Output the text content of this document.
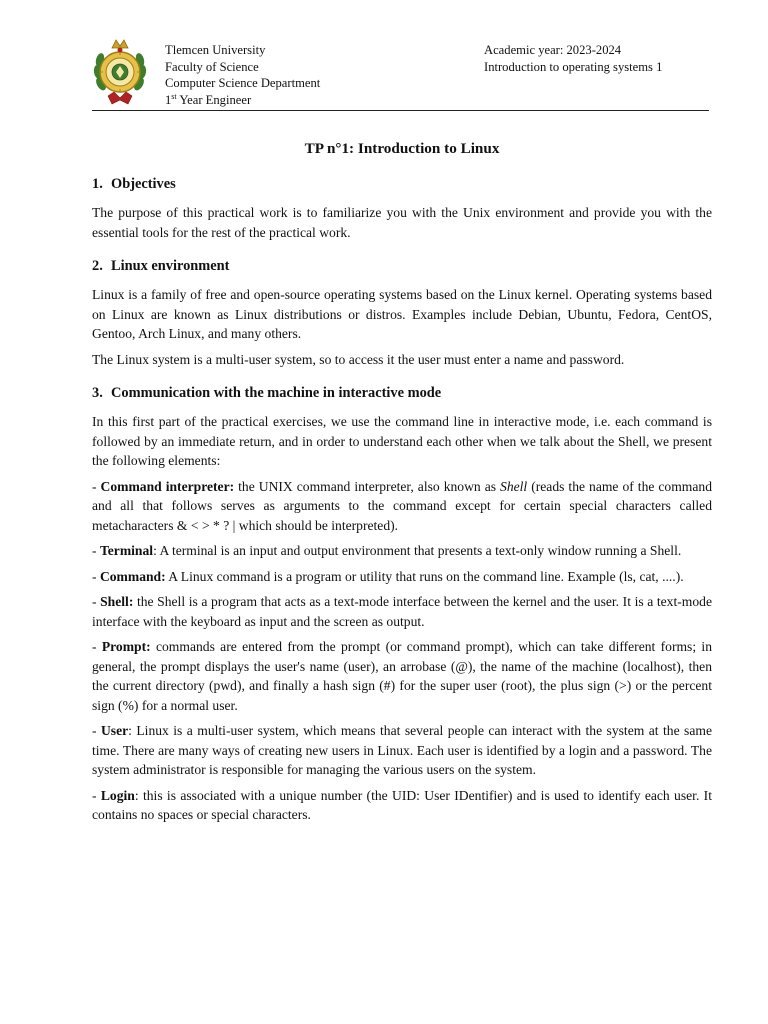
Tlemcen University
Faculty of Science
Computer Science Department
1st Year Engineer
Academic year: 2023-2024
Introduction to operating systems 1
TP n°1: Introduction to Linux
1. Objectives

The purpose of this practical work is to familiarize you with the Unix environment and provide you with the essential tools for the rest of the practical work.

2. Linux environment

Linux is a family of free and open-source operating systems based on the Linux kernel. Operating systems based on Linux are known as Linux distributions or distros. Examples include Debian, Ubuntu, Fedora, CentOS, Gentoo, Arch Linux, and many others.

The Linux system is a multi-user system, so to access it the user must enter a name and password.

3. Communication with the machine in interactive mode

In this first part of the practical exercises, we use the command line in interactive mode, i.e. each command is followed by an immediate return, and in order to understand each other when we talk about the Shell, we present the following elements:

- Command interpreter: the UNIX command interpreter, also known as Shell (reads the name of the command and all that follows serves as arguments to the command except for certain special characters called metacharacters & < > * ? | which should be interpreted).

- Terminal: A terminal is an input and output environment that presents a text-only window running a Shell.

- Command: A Linux command is a program or utility that runs on the command line. Example (ls, cat, ....).

- Shell: the Shell is a program that acts as a text-mode interface between the kernel and the user. It is a text-mode interface with the keyboard as input and the screen as output.

- Prompt: commands are entered from the prompt (or command prompt), which can take different forms; in general, the prompt displays the user's name (user), an arrobase (@), the name of the machine (localhost), then the current directory (pwd), and finally a hash sign (#) for the super user (root), the plus sign (>) or the percent sign (%) for a normal user.

- User: Linux is a multi-user system, which means that several people can interact with the system at the same time. There are many ways of creating new users in Linux. Each user is identified by a login and a password. The system administrator is responsible for managing the various users on the system.

- Login: this is associated with a unique number (the UID: User IDentifier) and is used to identify each user. It contains no spaces or special characters.
